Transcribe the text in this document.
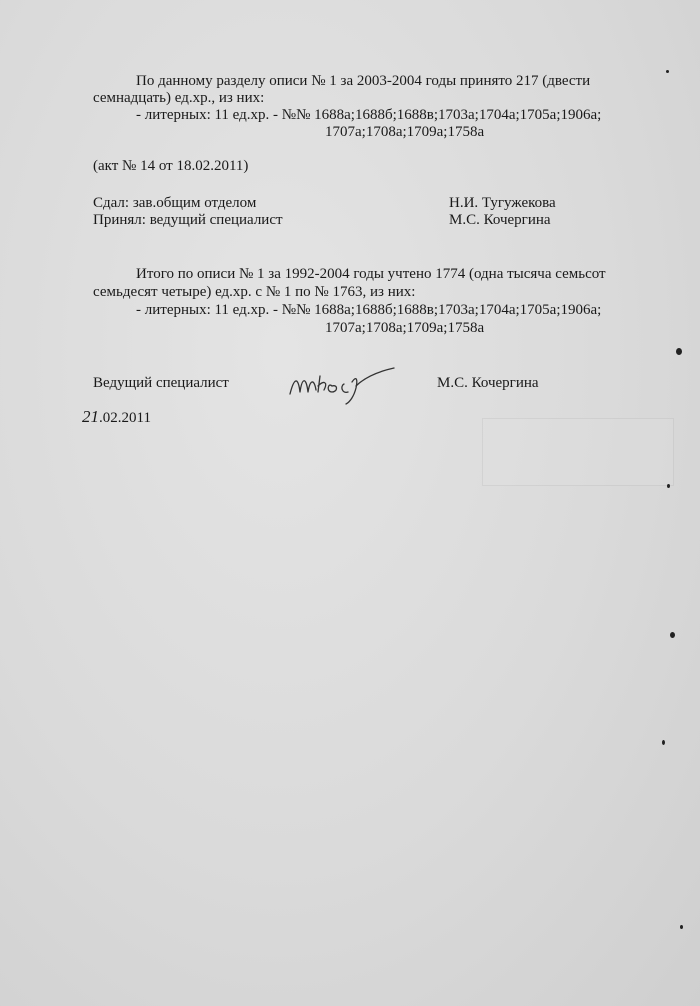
По данному разделу описи № 1 за 2003-2004 годы принято 217 (двести
семнадцать) ед.хр., из них:
- литерных: 11 ед.хр. - №№ 1688а;1688б;1688в;1703а;1704а;1705а;1906а;
1707а;1708а;1709а;1758а
(акт № 14 от 18.02.2011)
Сдал: зав.общим отделом	Н.И. Тугужекова
Принял: ведущий специалист	М.С. Кочергина
Итого по описи № 1 за 1992-2004 годы учтено 1774 (одна тысяча семьсот
семьдесят четыре) ед.хр. с № 1 по № 1763, из них:
- литерных: 11 ед.хр. - №№ 1688а;1688б;1688в;1703а;1704а;1705а;1906а;
1707а;1708а;1709а;1758а
Ведущий специалист	М.С. Кочергина
21.02.2011
